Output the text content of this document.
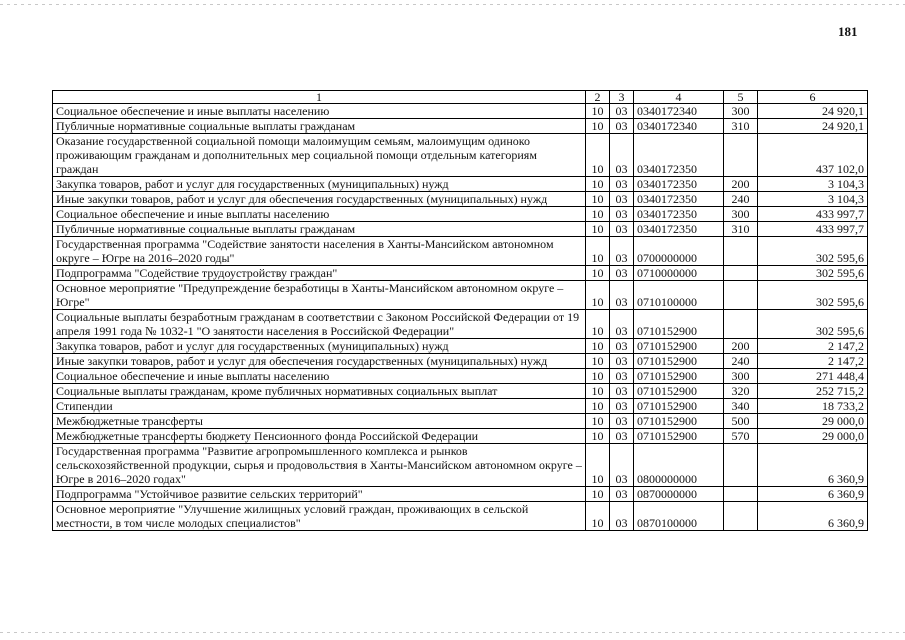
181
1	2	3	4	5	6
Социальное обеспечение и иные выплаты населению	10	03	0340172340	300	24 920,1
Публичные нормативные социальные выплаты гражданам	10	03	0340172340	310	24 920,1
Оказание государственной социальной помощи малоимущим семьям, малоимущим одиноко проживающим гражданам и дополнительных мер социальной помощи отдельным категориям граждан	10	03	0340172350		437 102,0
Закупка товаров, работ и услуг для государственных (муниципальных) нужд	10	03	0340172350	200	3 104,3
Иные закупки товаров, работ и услуг для обеспечения государственных (муниципальных) нужд	10	03	0340172350	240	3 104,3
Социальное обеспечение и иные выплаты населению	10	03	0340172350	300	433 997,7
Публичные нормативные социальные выплаты гражданам	10	03	0340172350	310	433 997,7
Государственная программа "Содействие занятости населения в Ханты-Мансийском автономном округе – Югре на 2016–2020 годы"	10	03	0700000000		302 595,6
Подпрограмма "Содействие трудоустройству граждан"	10	03	0710000000		302 595,6
Основное мероприятие "Предупреждение безработицы в Ханты-Мансийском автономном округе – Югре"	10	03	0710100000		302 595,6
Социальные выплаты безработным гражданам в соответствии с Законом Российской Федерации от 19 апреля 1991 года № 1032-1 "О занятости населения в Российской Федерации"	10	03	0710152900		302 595,6
Закупка товаров, работ и услуг для государственных (муниципальных) нужд	10	03	0710152900	200	2 147,2
Иные закупки товаров, работ и услуг для обеспечения государственных (муниципальных) нужд	10	03	0710152900	240	2 147,2
Социальное обеспечение и иные выплаты населению	10	03	0710152900	300	271 448,4
Социальные выплаты гражданам, кроме публичных нормативных социальных выплат	10	03	0710152900	320	252 715,2
Стипендии	10	03	0710152900	340	18 733,2
Межбюджетные трансферты	10	03	0710152900	500	29 000,0
Межбюджетные трансферты бюджету Пенсионного фонда Российской Федерации	10	03	0710152900	570	29 000,0
Государственная программа "Развитие агропромышленного комплекса и рынков сельскохозяйственной продукции, сырья и продовольствия в Ханты-Мансийском автономном округе – Югре в 2016–2020 годах"	10	03	0800000000		6 360,9
Подпрограмма "Устойчивое развитие сельских территорий"	10	03	0870000000		6 360,9
Основное мероприятие "Улучшение жилищных условий граждан, проживающих в сельской местности, в том числе молодых специалистов"	10	03	0870100000		6 360,9
